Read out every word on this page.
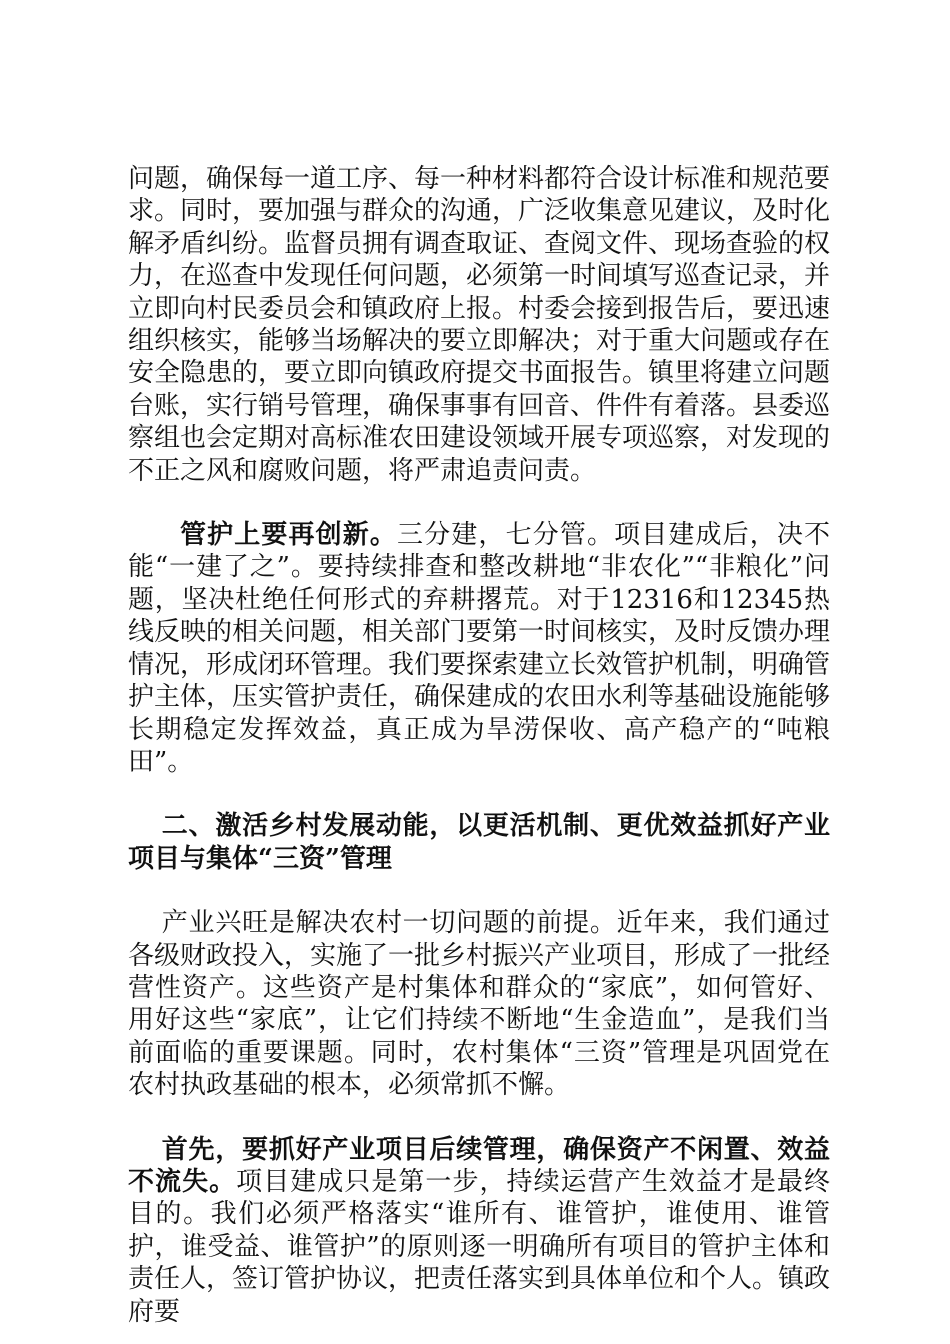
问题，确保每一道工序、每一种材料都符合设计标准和规范要求。同时，要加强与群众的沟通，广泛收集意见建议，及时化解矛盾纠纷。监督员拥有调查取证、查阅文件、现场查验的权力，在巡查中发现任何问题，必须第一时间填写巡查记录，并立即向村民委员会和镇政府上报。村委会接到报告后，要迅速组织核实，能够当场解决的要立即解决；对于重大问题或存在安全隐患的，要立即向镇政府提交书面报告。镇里将建立问题台账，实行销号管理，确保事事有回音、件件有着落。县委巡察组也会定期对高标准农田建设领域开展专项巡察，对发现的不正之风和腐败问题，将严肃追责问责。

管护上要再创新。三分建，七分管。项目建成后，决不能“一建了之”。要持续排查和整改耕地“非农化”“非粮化”问题，坚决杜绝任何形式的弃耕撂荒。对于12316和12345热线反映的相关问题，相关部门要第一时间核实，及时反馈办理情况，形成闭环管理。我们要探索建立长效管护机制，明确管护主体，压实管护责任，确保建成的农田水利等基础设施能够长期稳定发挥效益，真正成为旱涝保收、高产稳产的“吨粮田”。

二、激活乡村发展动能，以更活机制、更优效益抓好产业项目与集体“三资”管理

产业兴旺是解决农村一切问题的前提。近年来，我们通过各级财政投入，实施了一批乡村振兴产业项目，形成了一批经营性资产。这些资产是村集体和群众的“家底”，如何管好、用好这些“家底”，让它们持续不断地“生金造血”，是我们当前面临的重要课题。同时，农村集体“三资”管理是巩固党在农村执政基础的根本，必须常抓不懈。

首先，要抓好产业项目后续管理，确保资产不闲置、效益不流失。项目建成只是第一步，持续运营产生效益才是最终目的。我们必须严格落实“谁所有、谁管护，谁使用、谁管护，谁受益、谁管护”的原则逐一明确所有项目的管护主体和责任人，签订管护协议，把责任落实到具体单位和个人。镇政府要
